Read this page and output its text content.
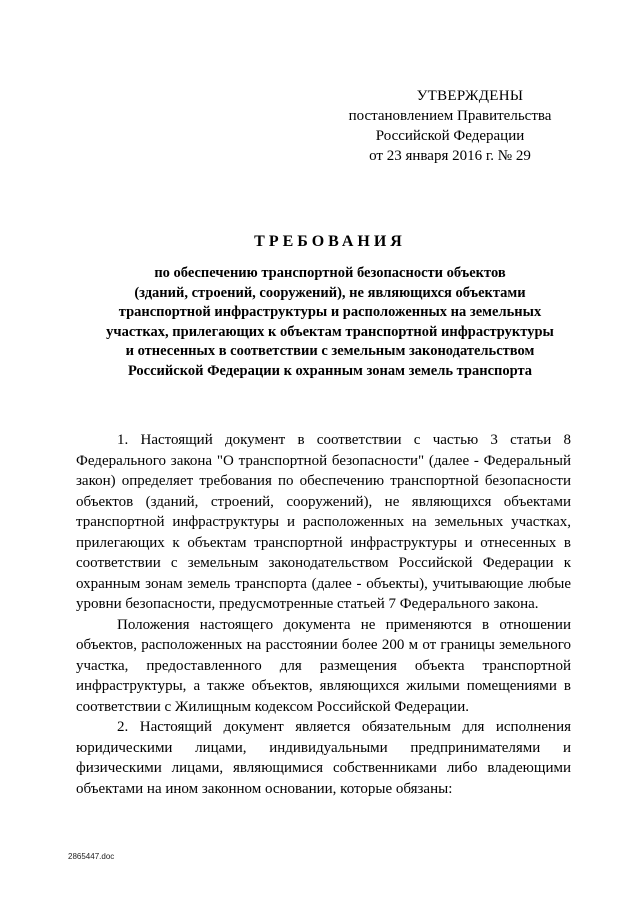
УТВЕРЖДЕНЫ
постановлением Правительства
Российской Федерации
от 23 января 2016 г. № 29
ТРЕБОВАНИЯ
по обеспечению транспортной безопасности объектов
(зданий, строений, сооружений), не являющихся объектами
транспортной инфраструктуры и расположенных на земельных
участках, прилегающих к объектам транспортной инфраструктуры
и отнесенных в соответствии с земельным законодательством
Российской Федерации к охранным зонам земель транспорта

1. Настоящий документ в соответствии с частью 3 статьи 8 Федерального закона "О транспортной безопасности" (далее - Федеральный закон) определяет требования по обеспечению транспортной безопасности объектов (зданий, строений, сооружений), не являющихся объектами транспортной инфраструктуры и расположенных на земельных участках, прилегающих к объектам транспортной инфраструктуры и отнесенных в соответствии с земельным законодательством Российской Федерации к охранным зонам земель транспорта (далее - объекты), учитывающие любые уровни безопасности, предусмотренные статьей 7 Федерального закона.

Положения настоящего документа не применяются в отношении объектов, расположенных на расстоянии более 200 м от границы земельного участка, предоставленного для размещения объекта транспортной инфраструктуры, а также объектов, являющихся жилыми помещениями в соответствии с Жилищным кодексом Российской Федерации.

2. Настоящий документ является обязательным для исполнения юридическими лицами, индивидуальными предпринимателями и физическими лицами, являющимися собственниками либо владеющими объектами на ином законном основании, которые обязаны:

2865447.doc
